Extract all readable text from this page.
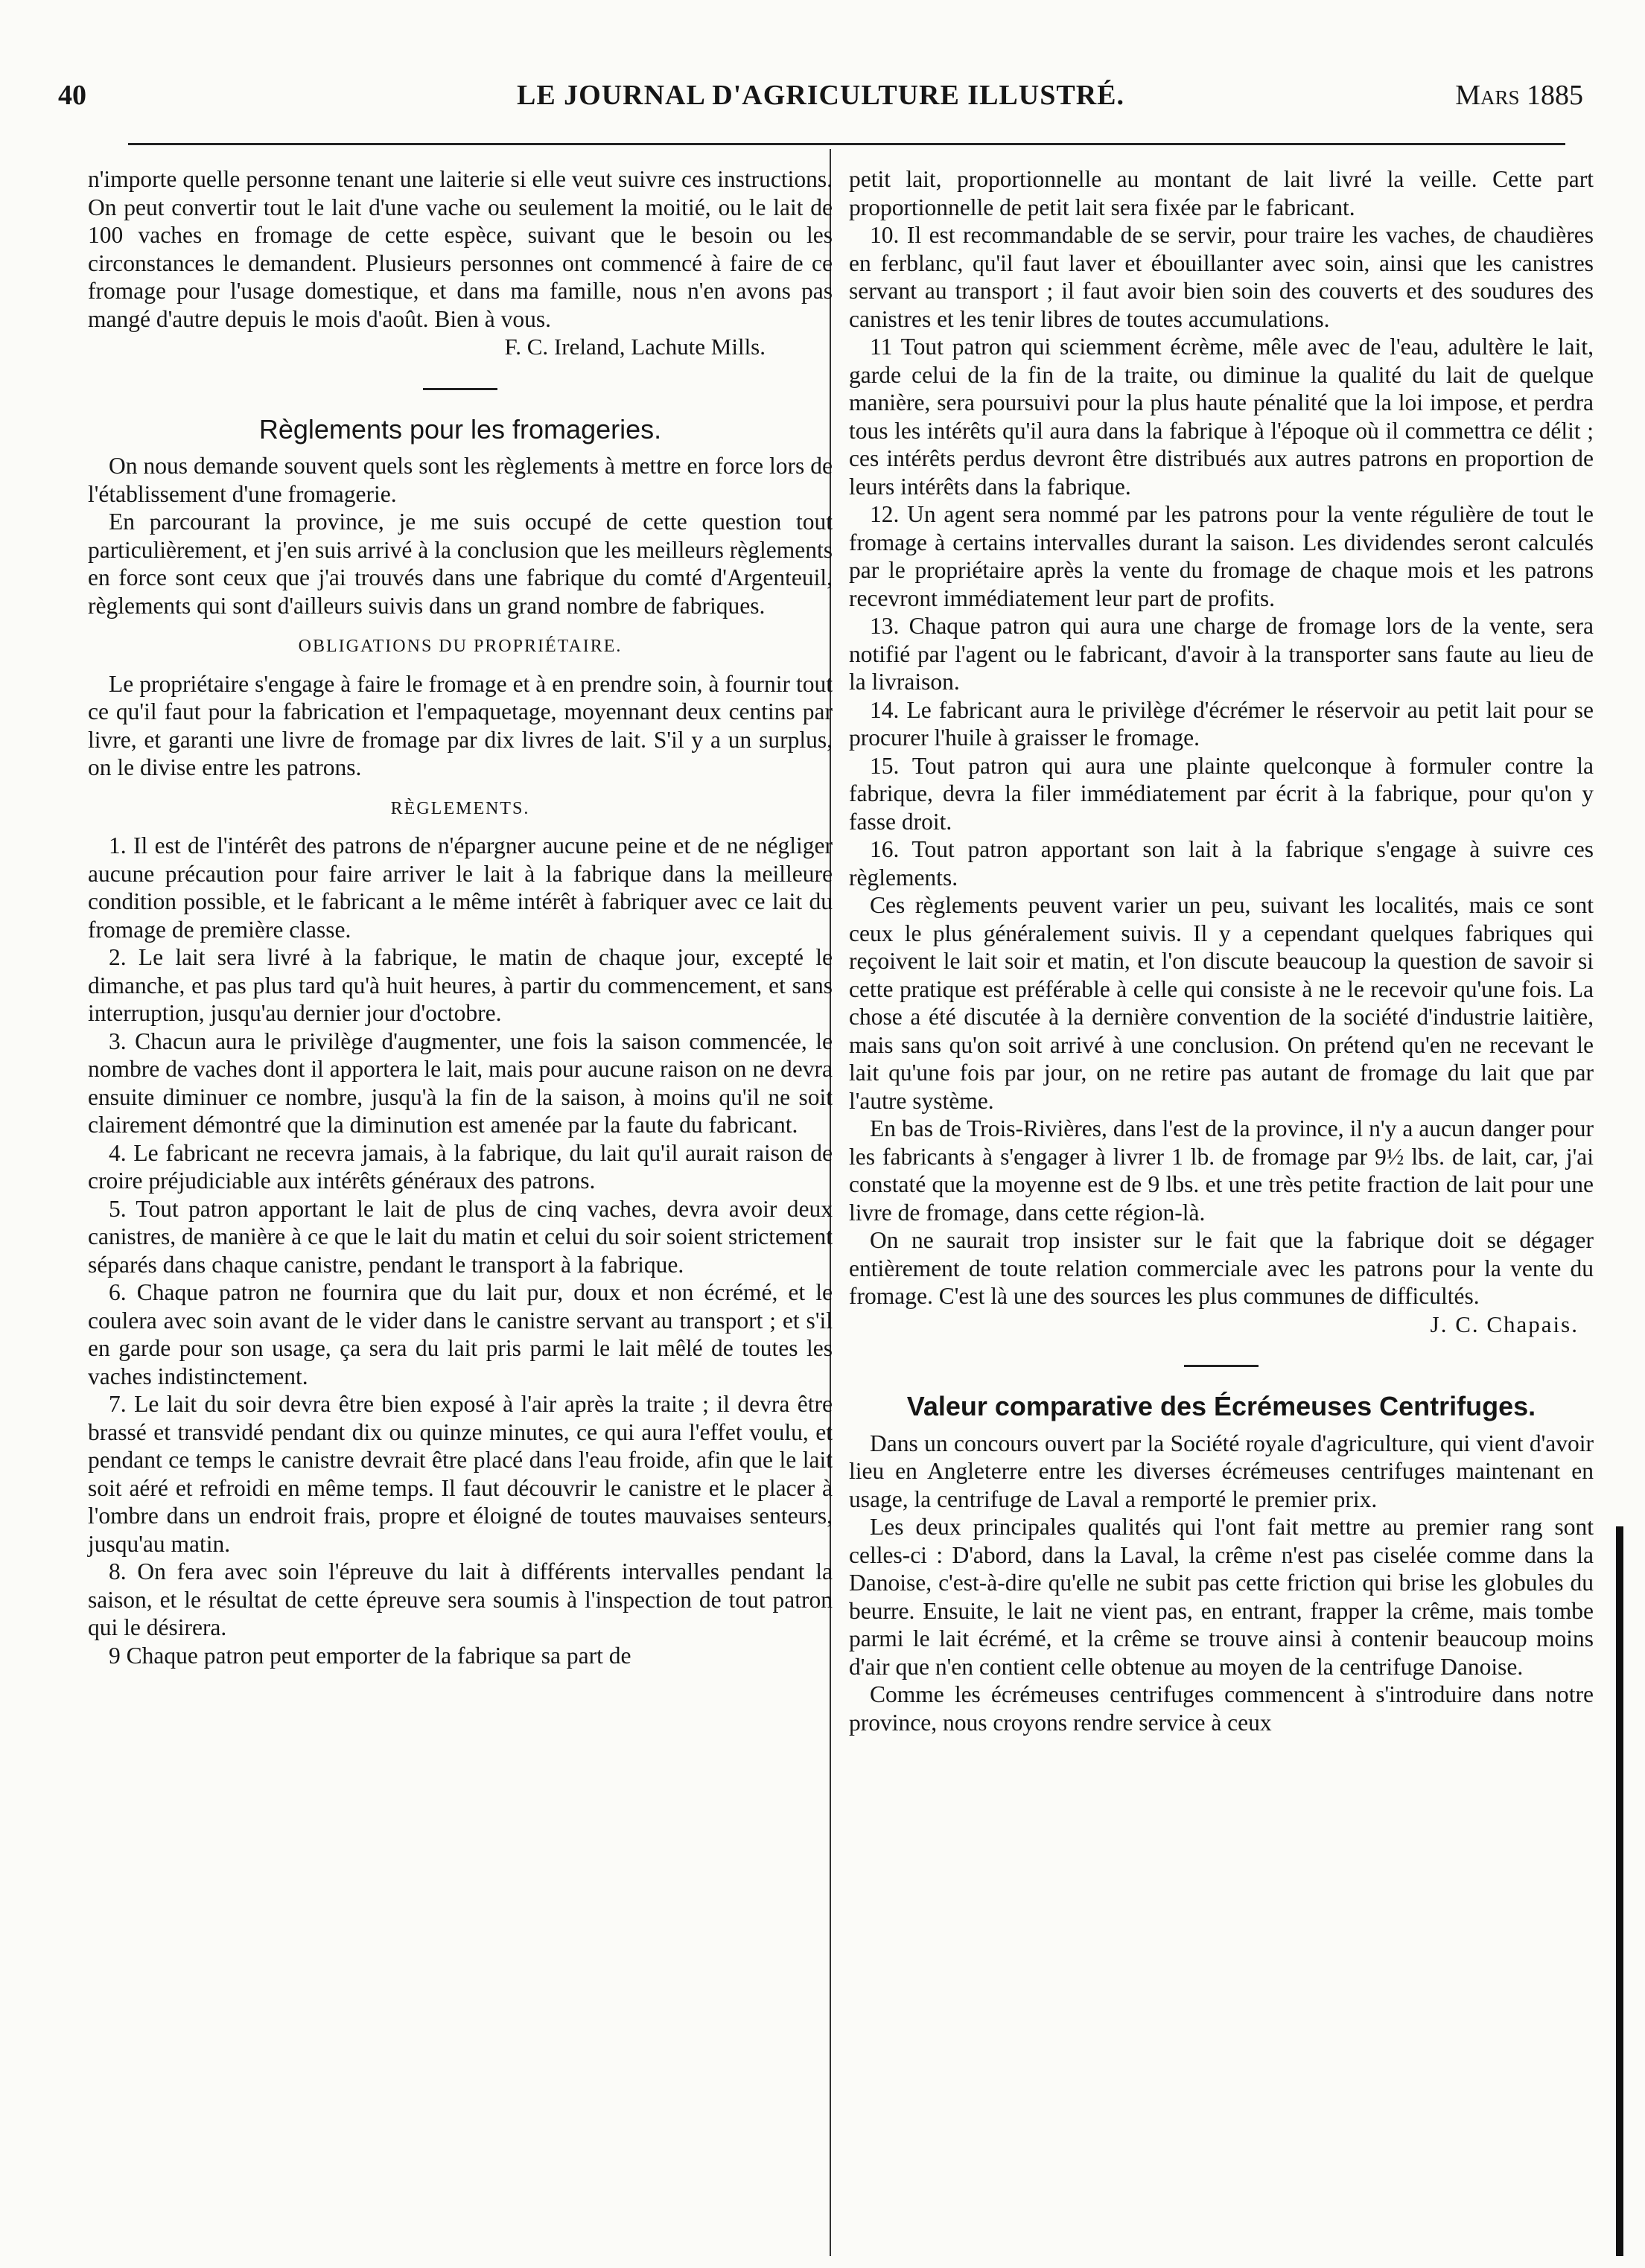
40	LE JOURNAL D'AGRICULTURE ILLUSTRÉ.	Mars 1885

n'importe quelle personne tenant une laiterie si elle veut suivre ces instructions. On peut convertir tout le lait d'une vache ou seulement la moitié, ou le lait de 100 vaches en fromage de cette espèce, suivant que le besoin ou les circonstances le demandent. Plusieurs personnes ont commencé à faire de ce fromage pour l'usage domestique, et dans ma famille, nous n'en avons pas mangé d'autre depuis le mois d'août. Bien à vous.

F. C. Ireland, Lachute Mills.

Règlements pour les fromageries.

On nous demande souvent quels sont les règlements à mettre en force lors de l'établissement d'une fromagerie.

En parcourant la province, je me suis occupé de cette question tout particulièrement, et j'en suis arrivé à la conclusion que les meilleurs règlements en force sont ceux que j'ai trouvés dans une fabrique du comté d'Argenteuil, règlements qui sont d'ailleurs suivis dans un grand nombre de fabriques.

OBLIGATIONS DU PROPRIÉTAIRE.

Le propriétaire s'engage à faire le fromage et à en prendre soin, à fournir tout ce qu'il faut pour la fabrication et l'empaquetage, moyennant deux centins par livre, et garanti une livre de fromage par dix livres de lait. S'il y a un surplus, on le divise entre les patrons.

RÈGLEMENTS.

1. Il est de l'intérêt des patrons de n'épargner aucune peine et de ne négliger aucune précaution pour faire arriver le lait à la fabrique dans la meilleure condition possible, et le fabricant a le même intérêt à fabriquer avec ce lait du fromage de première classe.

2. Le lait sera livré à la fabrique, le matin de chaque jour, excepté le dimanche, et pas plus tard qu'à huit heures, à partir du commencement, et sans interruption, jusqu'au dernier jour d'octobre.

3. Chacun aura le privilège d'augmenter, une fois la saison commencée, le nombre de vaches dont il apportera le lait, mais pour aucune raison on ne devra ensuite diminuer ce nombre, jusqu'à la fin de la saison, à moins qu'il ne soit clairement démontré que la diminution est amenée par la faute du fabricant.

4. Le fabricant ne recevra jamais, à la fabrique, du lait qu'il aurait raison de croire préjudiciable aux intérêts généraux des patrons.

5. Tout patron apportant le lait de plus de cinq vaches, devra avoir deux canistres, de manière à ce que le lait du matin et celui du soir soient strictement séparés dans chaque canistre, pendant le transport à la fabrique.

6. Chaque patron ne fournira que du lait pur, doux et non écrémé, et le coulera avec soin avant de le vider dans le canistre servant au transport ; et s'il en garde pour son usage, ça sera du lait pris parmi le lait mêlé de toutes les vaches indistinctement.

7. Le lait du soir devra être bien exposé à l'air après la traite ; il devra être brassé et transvidé pendant dix ou quinze minutes, ce qui aura l'effet voulu, et pendant ce temps le canistre devrait être placé dans l'eau froide, afin que le lait soit aéré et refroidi en même temps. Il faut découvrir le canistre et le placer à l'ombre dans un endroit frais, propre et éloigné de toutes mauvaises senteurs, jusqu'au matin.

8. On fera avec soin l'épreuve du lait à différents intervalles pendant la saison, et le résultat de cette épreuve sera soumis à l'inspection de tout patron qui le désirera.

9 Chaque patron peut emporter de la fabrique sa part de

petit lait, proportionnelle au montant de lait livré la veille. Cette part proportionnelle de petit lait sera fixée par le fabricant.

10. Il est recommandable de se servir, pour traire les vaches, de chaudières en ferblanc, qu'il faut laver et ébouillanter avec soin, ainsi que les canistres servant au transport ; il faut avoir bien soin des couverts et des soudures des canistres et les tenir libres de toutes accumulations.

11 Tout patron qui sciemment écrème, mêle avec de l'eau, adultère le lait, garde celui de la fin de la traite, ou diminue la qualité du lait de quelque manière, sera poursuivi pour la plus haute pénalité que la loi impose, et perdra tous les intérêts qu'il aura dans la fabrique à l'époque où il commettra ce délit ; ces intérêts perdus devront être distribués aux autres patrons en proportion de leurs intérêts dans la fabrique.

12. Un agent sera nommé par les patrons pour la vente régulière de tout le fromage à certains intervalles durant la saison. Les dividendes seront calculés par le propriétaire après la vente du fromage de chaque mois et les patrons recevront immédiatement leur part de profits.

13. Chaque patron qui aura une charge de fromage lors de la vente, sera notifié par l'agent ou le fabricant, d'avoir à la transporter sans faute au lieu de la livraison.

14. Le fabricant aura le privilège d'écrémer le réservoir au petit lait pour se procurer l'huile à graisser le fromage.

15. Tout patron qui aura une plainte quelconque à formuler contre la fabrique, devra la filer immédiatement par écrit à la fabrique, pour qu'on y fasse droit.

16. Tout patron apportant son lait à la fabrique s'engage à suivre ces règlements.

Ces règlements peuvent varier un peu, suivant les localités, mais ce sont ceux le plus généralement suivis. Il y a cependant quelques fabriques qui reçoivent le lait soir et matin, et l'on discute beaucoup la question de savoir si cette pratique est préférable à celle qui consiste à ne le recevoir qu'une fois. La chose a été discutée à la dernière convention de la société d'industrie laitière, mais sans qu'on soit arrivé à une conclusion. On prétend qu'en ne recevant le lait qu'une fois par jour, on ne retire pas autant de fromage du lait que par l'autre système.

En bas de Trois-Rivières, dans l'est de la province, il n'y a aucun danger pour les fabricants à s'engager à livrer 1 lb. de fromage par 9½ lbs. de lait, car, j'ai constaté que la moyenne est de 9 lbs. et une très petite fraction de lait pour une livre de fromage, dans cette région-là.

On ne saurait trop insister sur le fait que la fabrique doit se dégager entièrement de toute relation commerciale avec les patrons pour la vente du fromage. C'est là une des sources les plus communes de difficultés.

J. C. Chapais.

Valeur comparative des Écrémeuses Centrifuges.

Dans un concours ouvert par la Société royale d'agriculture, qui vient d'avoir lieu en Angleterre entre les diverses écrémeuses centrifuges maintenant en usage, la centrifuge de Laval a remporté le premier prix.

Les deux principales qualités qui l'ont fait mettre au premier rang sont celles-ci : D'abord, dans la Laval, la crême n'est pas ciselée comme dans la Danoise, c'est-à-dire qu'elle ne subit pas cette friction qui brise les globules du beurre. Ensuite, le lait ne vient pas, en entrant, frapper la crême, mais tombe parmi le lait écrémé, et la crême se trouve ainsi à contenir beaucoup moins d'air que n'en contient celle obtenue au moyen de la centrifuge Danoise.

Comme les écrémeuses centrifuges commencent à s'introduire dans notre province, nous croyons rendre service à ceux
